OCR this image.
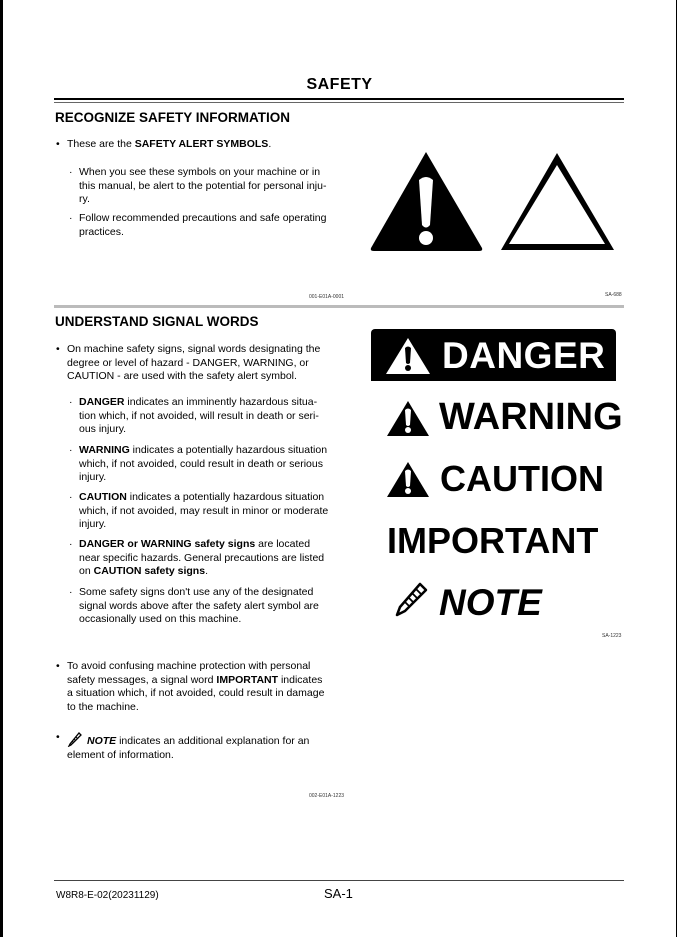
SAFETY
RECOGNIZE SAFETY INFORMATION
• These are the SAFETY ALERT SYMBOLS.
· When you see these symbols on your machine or in
this manual, be alert to the potential for personal inju-
ry.
· Follow recommended precautions and safe operating
practices.
001-E01A-0001	SA-688
UNDERSTAND SIGNAL WORDS
• On machine safety signs, signal words designating the
degree or level of hazard - DANGER, WARNING, or
CAUTION - are used with the safety alert symbol.
· DANGER indicates an imminently hazardous situa-
tion which, if not avoided, will result in death or seri-
ous injury.
· WARNING indicates a potentially hazardous situation
which, if not avoided, could result in death or serious
injury.
· CAUTION indicates a potentially hazardous situation
which, if not avoided, may result in minor or moderate
injury.
· DANGER or WARNING safety signs are located
near specific hazards. General precautions are listed
on CAUTION safety signs.
· Some safety signs don't use any of the designated
signal words above after the safety alert symbol are
occasionally used on this machine.
• To avoid confusing machine protection with personal
safety messages, a signal word IMPORTANT indicates
a situation which, if not avoided, could result in damage
to the machine.
•	NOTE indicates an additional explanation for an
element of information.
002-E01A-1223
DANGER
WARNING
CAUTION
IMPORTANT
NOTE
SA-1223
W8R8-E-02(20231129)	SA-1
